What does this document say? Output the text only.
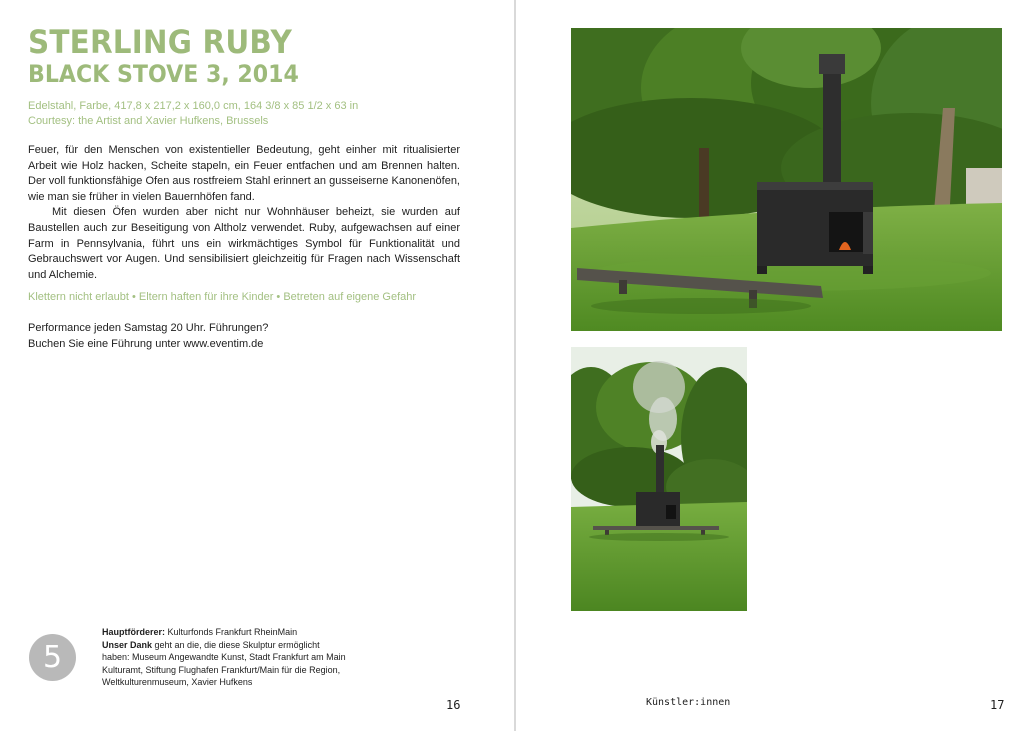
STERLING RUBY
BLACK STOVE 3, 2014
Edelstahl, Farbe, 417,8 x 217,2 x 160,0 cm, 164 3/8 x 85 1/2 x 63 in
Courtesy: the Artist and Xavier Hufkens, Brussels

Feuer, für den Menschen von existentieller Bedeutung, geht einher mit ritualisierter Arbeit wie Holz hacken, Scheite stapeln, ein Feuer entfachen und am Brennen halten. Der voll funktionsfähige Ofen aus rostfreiem Stahl erinnert an gusseiserne Kanonenöfen, wie man sie früher in vielen Bauernhöfen fand.

Mit diesen Öfen wurden aber nicht nur Wohnhäuser beheizt, sie wurden auf Baustellen auch zur Beseitigung von Altholz verwendet. Ruby, aufgewachsen auf einer Farm in Pennsylvania, führt uns ein wirkmächtiges Symbol für Funktionalität und Gebrauchswert vor Augen. Und sensibilisiert gleichzeitig für Fragen nach Wissenschaft und Alchemie.

Klettern nicht erlaubt • Eltern haften für ihre Kinder • Betreten auf eigene Gefahr
Performance jeden Samstag 20 Uhr. Führungen?
Buchen Sie eine Führung unter www.eventim.de
5
Hauptförderer: Kulturfonds Frankfurt RheinMain
Unser Dank geht an die, die diese Skulptur ermöglicht
haben: Museum Angewandte Kunst, Stadt Frankfurt am Main
Kulturamt, Stiftung Flughafen Frankfurt/Main für die Region,
Weltkulturenmuseum, Xavier Hufkens
16	Künstler:innen	17
